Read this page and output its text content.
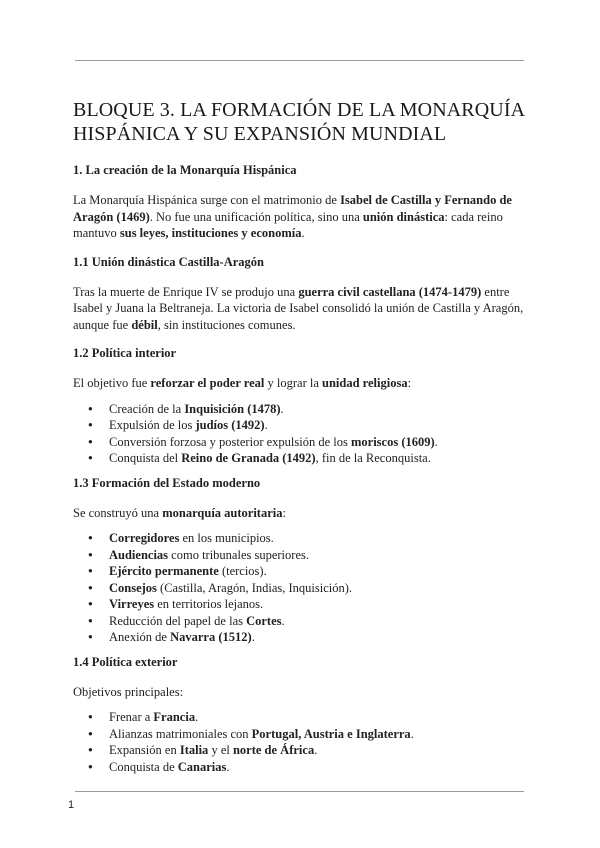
BLOQUE 3. LA FORMACIÓN DE LA MONARQUÍA HISPÁNICA Y SU EXPANSIÓN MUNDIAL
1. La creación de la Monarquía Hispánica

La Monarquía Hispánica surge con el matrimonio de Isabel de Castilla y Fernando de Aragón (1469). No fue una unificación política, sino una unión dinástica: cada reino mantuvo sus leyes, instituciones y economía.

1.1 Unión dinástica Castilla-Aragón

Tras la muerte de Enrique IV se produjo una guerra civil castellana (1474-1479) entre Isabel y Juana la Beltraneja. La victoria de Isabel consolidó la unión de Castilla y Aragón, aunque fue débil, sin instituciones comunes.

1.2 Política interior

El objetivo fue reforzar el poder real y lograr la unidad religiosa:

● Creación de la Inquisición (1478).
● Expulsión de los judíos (1492).
● Conversión forzosa y posterior expulsión de los moriscos (1609).
● Conquista del Reino de Granada (1492), fin de la Reconquista.
1.3 Formación del Estado moderno

Se construyó una monarquía autoritaria:

● Corregidores en los municipios.
● Audiencias como tribunales superiores.
● Ejército permanente (tercios).
● Consejos (Castilla, Aragón, Indias, Inquisición).
● Virreyes en territorios lejanos.
● Reducción del papel de las Cortes.
● Anexión de Navarra (1512).
1.4 Política exterior

Objetivos principales:

● Frenar a Francia.
● Alianzas matrimoniales con Portugal, Austria e Inglaterra.
● Expansión en Italia y el norte de África.
● Conquista de Canarias.
1
